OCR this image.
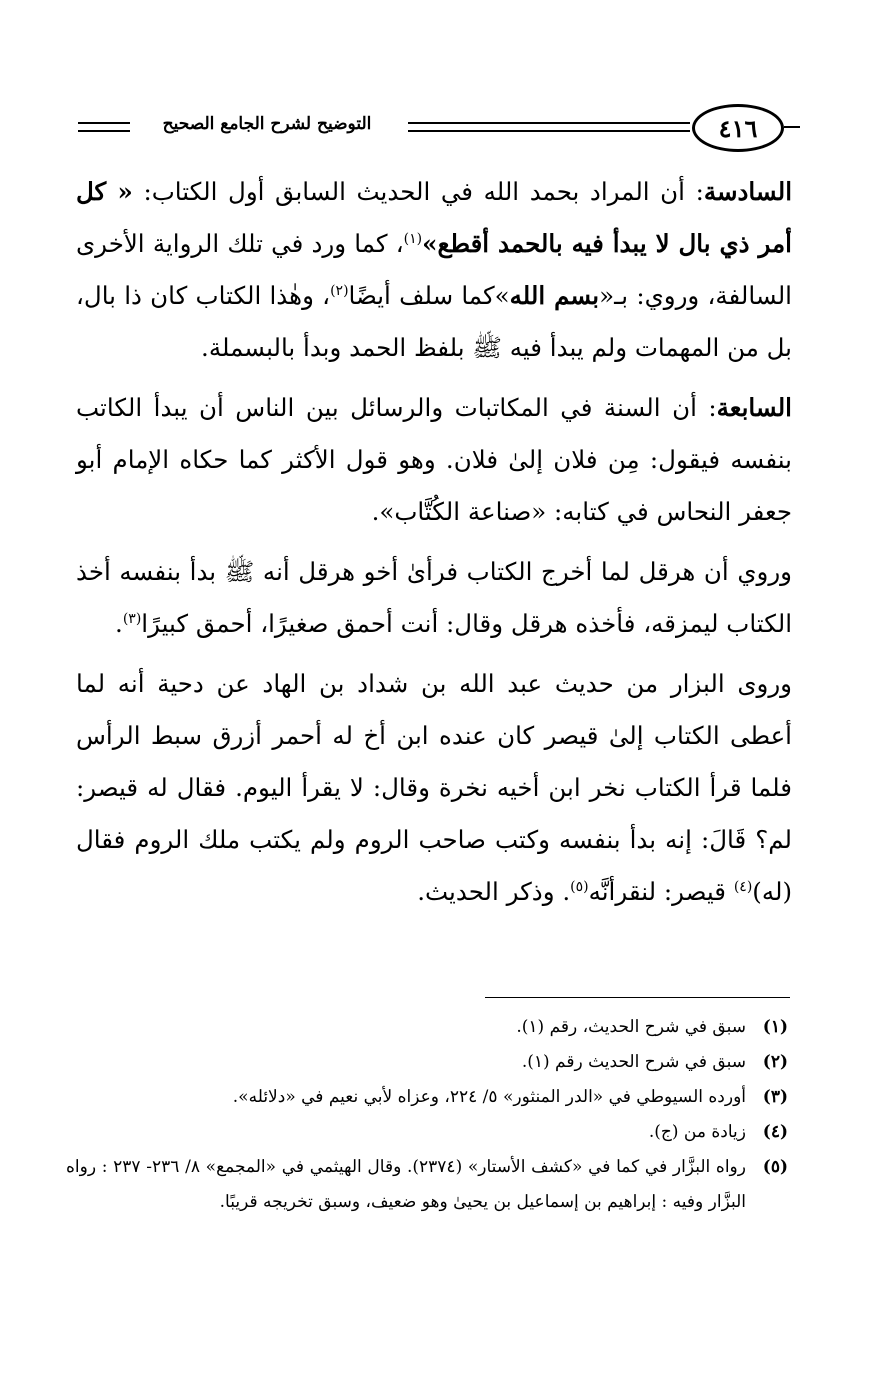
التوضيح لشرح الجامع الصحيح	٤١٦

السادسة: أن المراد بحمد الله في الحديث السابق أول الكتاب: « كل أمر ذي بال لا يبدأ فيه بالحمد أقطع»$^{(١)}$، كما ورد في تلك الرواية الأخرى السالفة، وروي: بـ«بسم الله»كما سلف أيضًا$^{(٢)}$، وهٰذا الكتاب كان ذا بال، بل من المهمات ولم يبدأ فيه ﷺ بلفظ الحمد وبدأ بالبسملة.

السابعة: أن السنة في المكاتبات والرسائل بين الناس أن يبدأ الكاتب بنفسه فيقول: مِن فلان إلىٰ فلان. وهو قول الأكثر كما حكاه الإمام أبو جعفر النحاس في كتابه: «صناعة الكُتَّاب».

وروي أن هرقل لما أخرج الكتاب فرأىٰ أخو هرقل أنه ﷺ بدأ بنفسه أخذ الكتاب ليمزقه، فأخذه هرقل وقال: أنت أحمق صغيرًا، أحمق كبيرًا$^{(٣)}$.

وروى البزار من حديث عبد الله بن شداد بن الهاد عن دحية أنه لما أعطى الكتاب إلىٰ قيصر كان عنده ابن أخ له أحمر أزرق سبط الرأس فلما قرأ الكتاب نخر ابن أخيه نخرة وقال: لا يقرأ اليوم. فقال له قيصر: لم؟ قَالَ: إنه بدأ بنفسه وكتب صاحب الروم ولم يكتب ملك الروم فقال (له)$^{(٤)}$ قيصر: لنقرأنَّه$^{(٥)}$. وذكر الحديث.

(١)
سبق في شرح الحديث، رقم (١).
(٢)
سبق في شرح الحديث رقم (١).
(٣)
أورده السيوطي في «الدر المنثور» ٥/ ٢٢٤، وعزاه لأبي نعيم في «دلائله».
(٤)
زيادة من (ج).
(٥)
رواه البزَّار في كما في «كشف الأستار» (٢٣٧٤). وقال الهيثمي في «المجمع» ٨/ ٢٣٦- ٢٣٧ : رواه البزَّار وفيه : إبراهيم بن إسماعيل بن يحيىٰ وهو ضعيف، وسبق تخريجه قريبًا.
